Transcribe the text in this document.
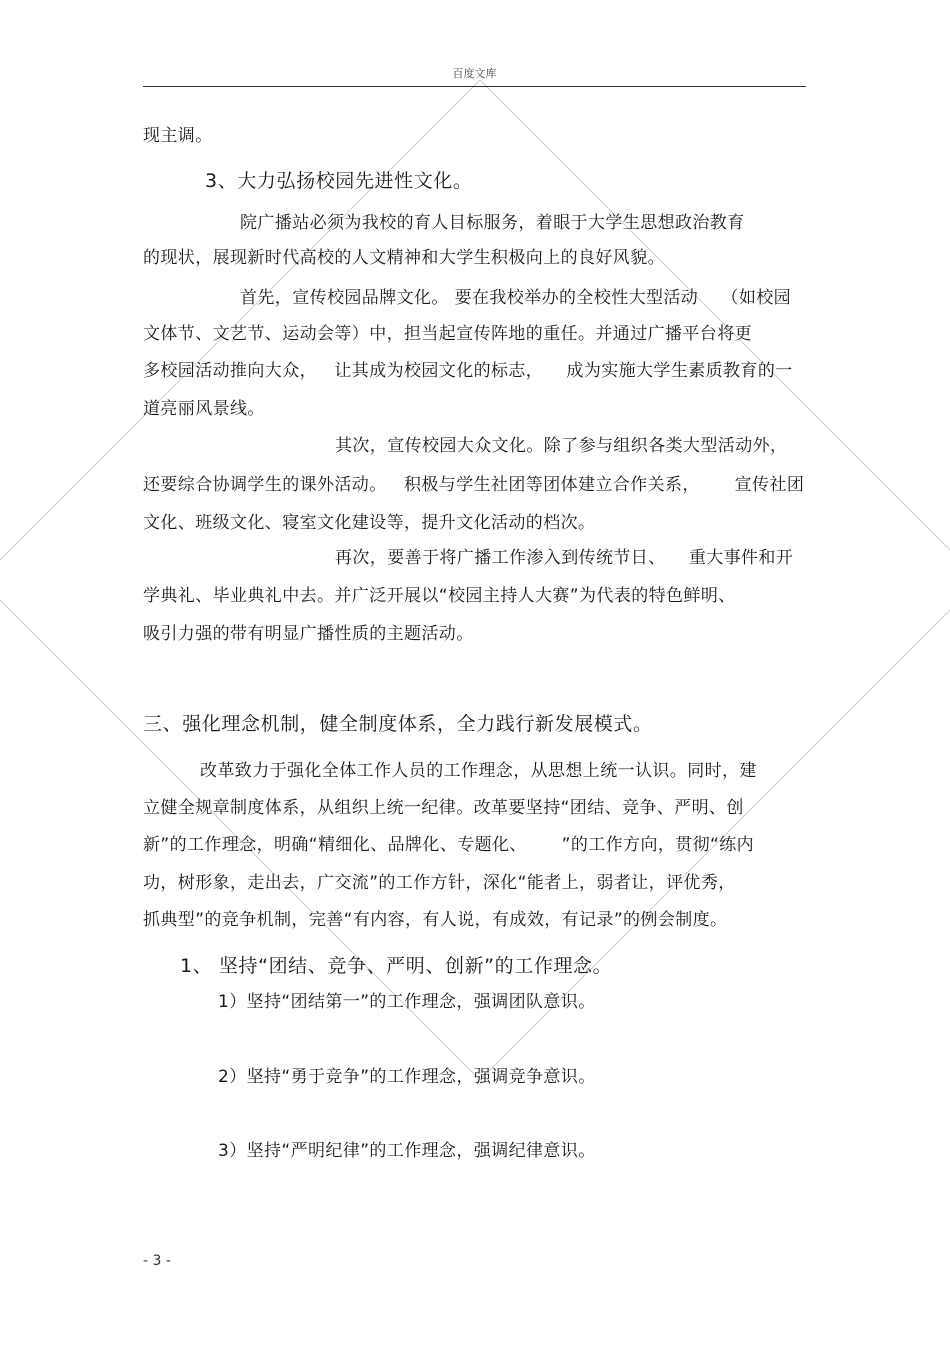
百度文库
现主调。
3、大力弘扬校园先进性文化。
院广播站必须为我校的育人目标服务，着眼于大学生思想政治教育
的现状，展现新时代高校的人文精神和大学生积极向上的良好风貌。
首先，宣传校园品牌文化。 要在我校举办的全校性大型活动    （如校园
文体节、文艺节、运动会等）中，担当起宣传阵地的重任。并通过广播平台将更
多校园活动推向大众，   让其成为校园文化的标志，    成为实施大学生素质教育的一
道亮丽风景线。
其次，宣传校园大众文化。除了参与组织各类大型活动外，
还要综合协调学生的课外活动。   积极与学生社团等团体建立合作关系，      宣传社团
文化、班级文化、寝室文化建设等，提升文化活动的档次。
再次，要善于将广播工作渗入到传统节日、    重大事件和开
学典礼、毕业典礼中去。并广泛开展以“校园主持人大赛”为代表的特色鲜明、
吸引力强的带有明显广播性质的主题活动。
三、强化理念机制，健全制度体系，全力践行新发展模式。
改革致力于强化全体工作人员的工作理念，从思想上统一认识。同时，建
立健全规章制度体系，从组织上统一纪律。改革要坚持“团结、竞争、严明、创
新”的工作理念，明确“精细化、品牌化、专题化、      ”的工作方向，贯彻“练内
功，树形象，走出去，广交流”的工作方针，深化“能者上，弱者让，评优秀，
抓典型”的竞争机制，完善“有内容，有人说，有成效，有记录”的例会制度。
1、 坚持“团结、竞争、严明、创新”的工作理念。
1）坚持“团结第一”的工作理念，强调团队意识。
2）坚持“勇于竞争”的工作理念，强调竞争意识。
3）坚持“严明纪律”的工作理念，强调纪律意识。
- 3 -
